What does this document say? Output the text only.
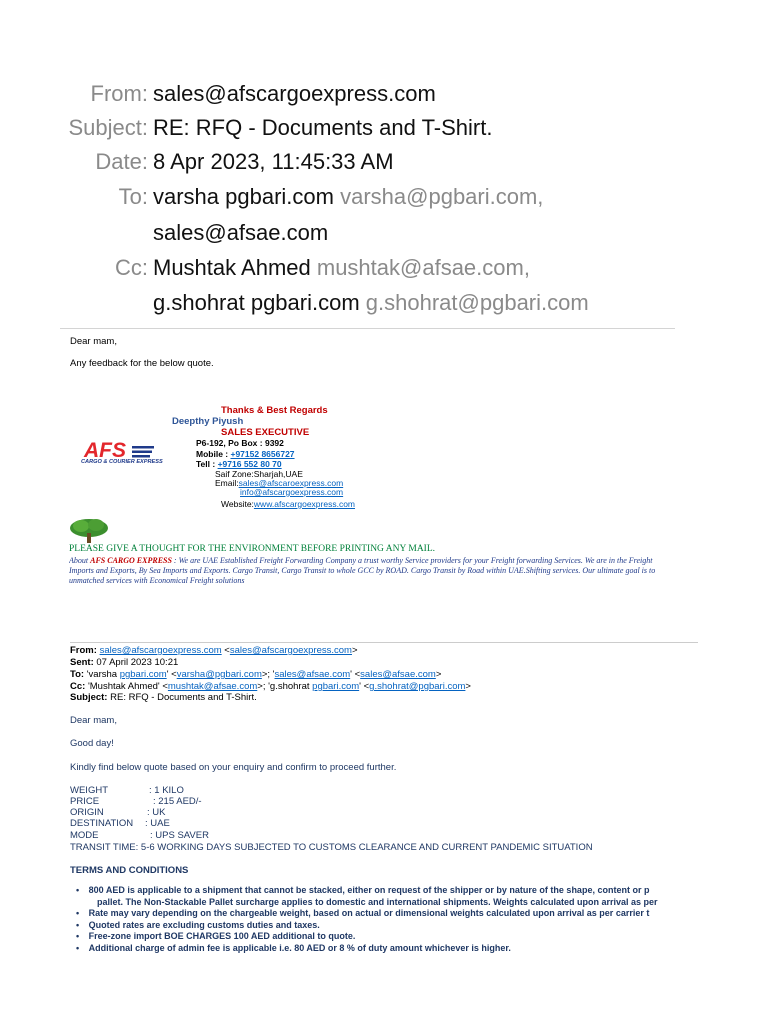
From: sales@afscargoexpress.com
Subject: RE: RFQ - Documents and T-Shirt.
Date: 8 Apr 2023, 11:45:33 AM
To: varsha pgbari.com varsha@pgbari.com,
sales@afsae.com
Cc: Mushtak Ahmed mushtak@afsae.com,
g.shohrat pgbari.com g.shohrat@pgbari.com
Dear mam,
Any feedback for the below quote.
Thanks & Best Regards
Deepthy Piyush
SALES EXECUTIVE
AFS
CARGO & COURIER EXPRESS
P6-192, Po Box : 9392
Mobile : +97152 8656727
Tell : +9716 552 80 70
Saif Zone:Sharjah,UAE
Email:sales@afscaroexpress.com
info@afscargoexpress.com
Website:www.afscargoexpress.com
PLEASE GIVE A THOUGHT FOR THE ENVIRONMENT BEFORE PRINTING ANY MAIL.
About AFS CARGO EXPRESS : We are UAE Established Freight Forwarding Company a trust worthy Service providers for your Freight forwarding Services. We are in the Freight
Imports and Exports, By Sea Imports and Exports. Cargo Transit, Cargo Transit to whole GCC by ROAD. Cargo Transit by Road within UAE.Shifting services. Our ultimate goal is to
unmatched services with Economical Freight solutions
From: sales@afscargoexpress.com <sales@afscargoexpress.com>
Sent: 07 April 2023 10:21
To: 'varsha pgbari.com' <varsha@pgbari.com>; 'sales@afsae.com' <sales@afsae.com>
Cc: 'Mushtak Ahmed' <mushtak@afsae.com>; 'g.shohrat pgbari.com' <g.shohrat@pgbari.com>
Subject: RE: RFQ - Documents and T-Shirt.
Dear mam,
Good day!
Kindly find below quote based on your enquiry and confirm to proceed further.
WEIGHT	: 1 KILO
PRICE	: 215 AED/-
ORIGIN	: UK
DESTINATION : UAE
MODE	: UPS SAVER
TRANSIT TIME: 5-6 WORKING DAYS SUBJECTED TO CUSTOMS CLEARANCE AND CURRENT PANDEMIC SITUATION
TERMS AND CONDITIONS
• 800 AED is applicable to a shipment that cannot be stacked, either on request of the shipper or by nature of the shape, content or p
pallet. The Non-Stackable Pallet surcharge applies to domestic and international shipments. Weights calculated upon arrival as per
• Rate may vary depending on the chargeable weight, based on actual or dimensional weights calculated upon arrival as per carrier t
• Quoted rates are excluding customs duties and taxes.
• Free-zone import BOE CHARGES 100 AED additional to quote.
• Additional charge of admin fee is applicable i.e. 80 AED or 8 % of duty amount whichever is higher.
